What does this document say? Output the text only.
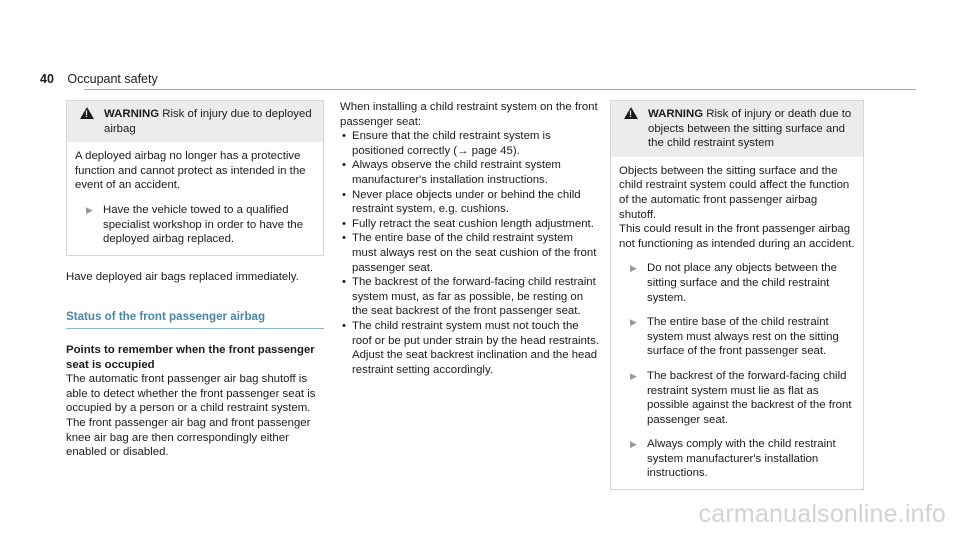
40 Occupant safety
!
WARNING Risk of injury due to deployed airbag

A deployed airbag no longer has a protective function and cannot protect as intended in the event of an accident.

▶ Have the vehicle towed to a qualified specialist workshop in order to have the deployed airbag replaced.

Have deployed air bags replaced immediately.

Status of the front passenger airbag

Points to remember when the front passenger seat is occupied

The automatic front passenger air bag shutoff is able to detect whether the front passenger seat is occupied by a person or a child restraint system. The front passenger air bag and front passenger knee air bag are then correspondingly either enabled or disabled.

When installing a child restraint system on the front passenger seat:

• Ensure that the child restraint system is positioned correctly (→ page 45).
• Always observe the child restraint system manufacturer's installation instructions.
• Never place objects under or behind the child restraint system, e.g. cushions.
• Fully retract the seat cushion length adjustment.
• The entire base of the child restraint system must always rest on the seat cushion of the front passenger seat.
• The backrest of the forward-facing child restraint system must, as far as possible, be resting on the seat backrest of the front passenger seat.
• The child restraint system must not touch the roof or be put under strain by the head restraints. Adjust the seat backrest inclination and the head restraint setting accordingly.
!
WARNING Risk of injury or death due to objects between the sitting surface and the child restraint system

Objects between the sitting surface and the child restraint system could affect the function of the automatic front passenger airbag shutoff.

This could result in the front passenger airbag not functioning as intended during an accident.

▶ Do not place any objects between the sitting surface and the child restraint system.
▶ The entire base of the child restraint system must always rest on the sitting surface of the front passenger seat.
▶ The backrest of the forward-facing child restraint system must lie as flat as possible against the backrest of the front passenger seat.
▶ Always comply with the child restraint system manufacturer's installation instructions.
carmanualsonline.info
